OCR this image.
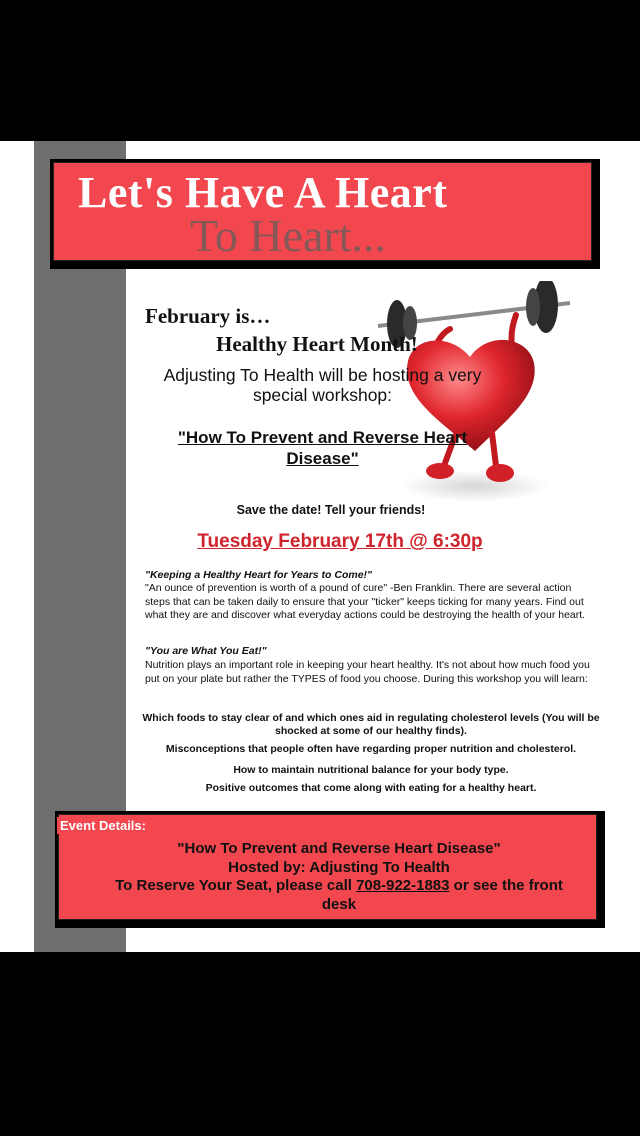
Let's Have A Heart
To Heart...
February is…
Healthy Heart Month!
Adjusting To Health will be hosting a very special workshop:
"How To Prevent and Reverse Heart Disease"
Save the date! Tell your friends!
Tuesday February 17th @ 6:30p
"Keeping a Healthy Heart for Years to Come!"
"An ounce of prevention is worth of a pound of cure" -Ben Franklin. There are several action steps that can be taken daily to ensure that your "ticker" keeps ticking for many years. Find out what they are and discover what everyday actions could be destroying the health of your heart.
"You are What You Eat!"
Nutrition plays an important role in keeping your heart healthy. It's not about how much food you put on your plate but rather the TYPES of food you choose. During this workshop you will learn:
Which foods to stay clear of and which ones aid in regulating cholesterol levels (You will be shocked at some of our healthy finds).
Misconceptions that people often have regarding proper nutrition and cholesterol.
How to maintain nutritional balance for your body type.
Positive outcomes that come along with eating for a healthy heart.
"How To Prevent and Reverse Heart Disease"
Hosted by: Adjusting To Health
To Reserve Your Seat, please call 708-922-1883 or see the front desk
Event Details:
